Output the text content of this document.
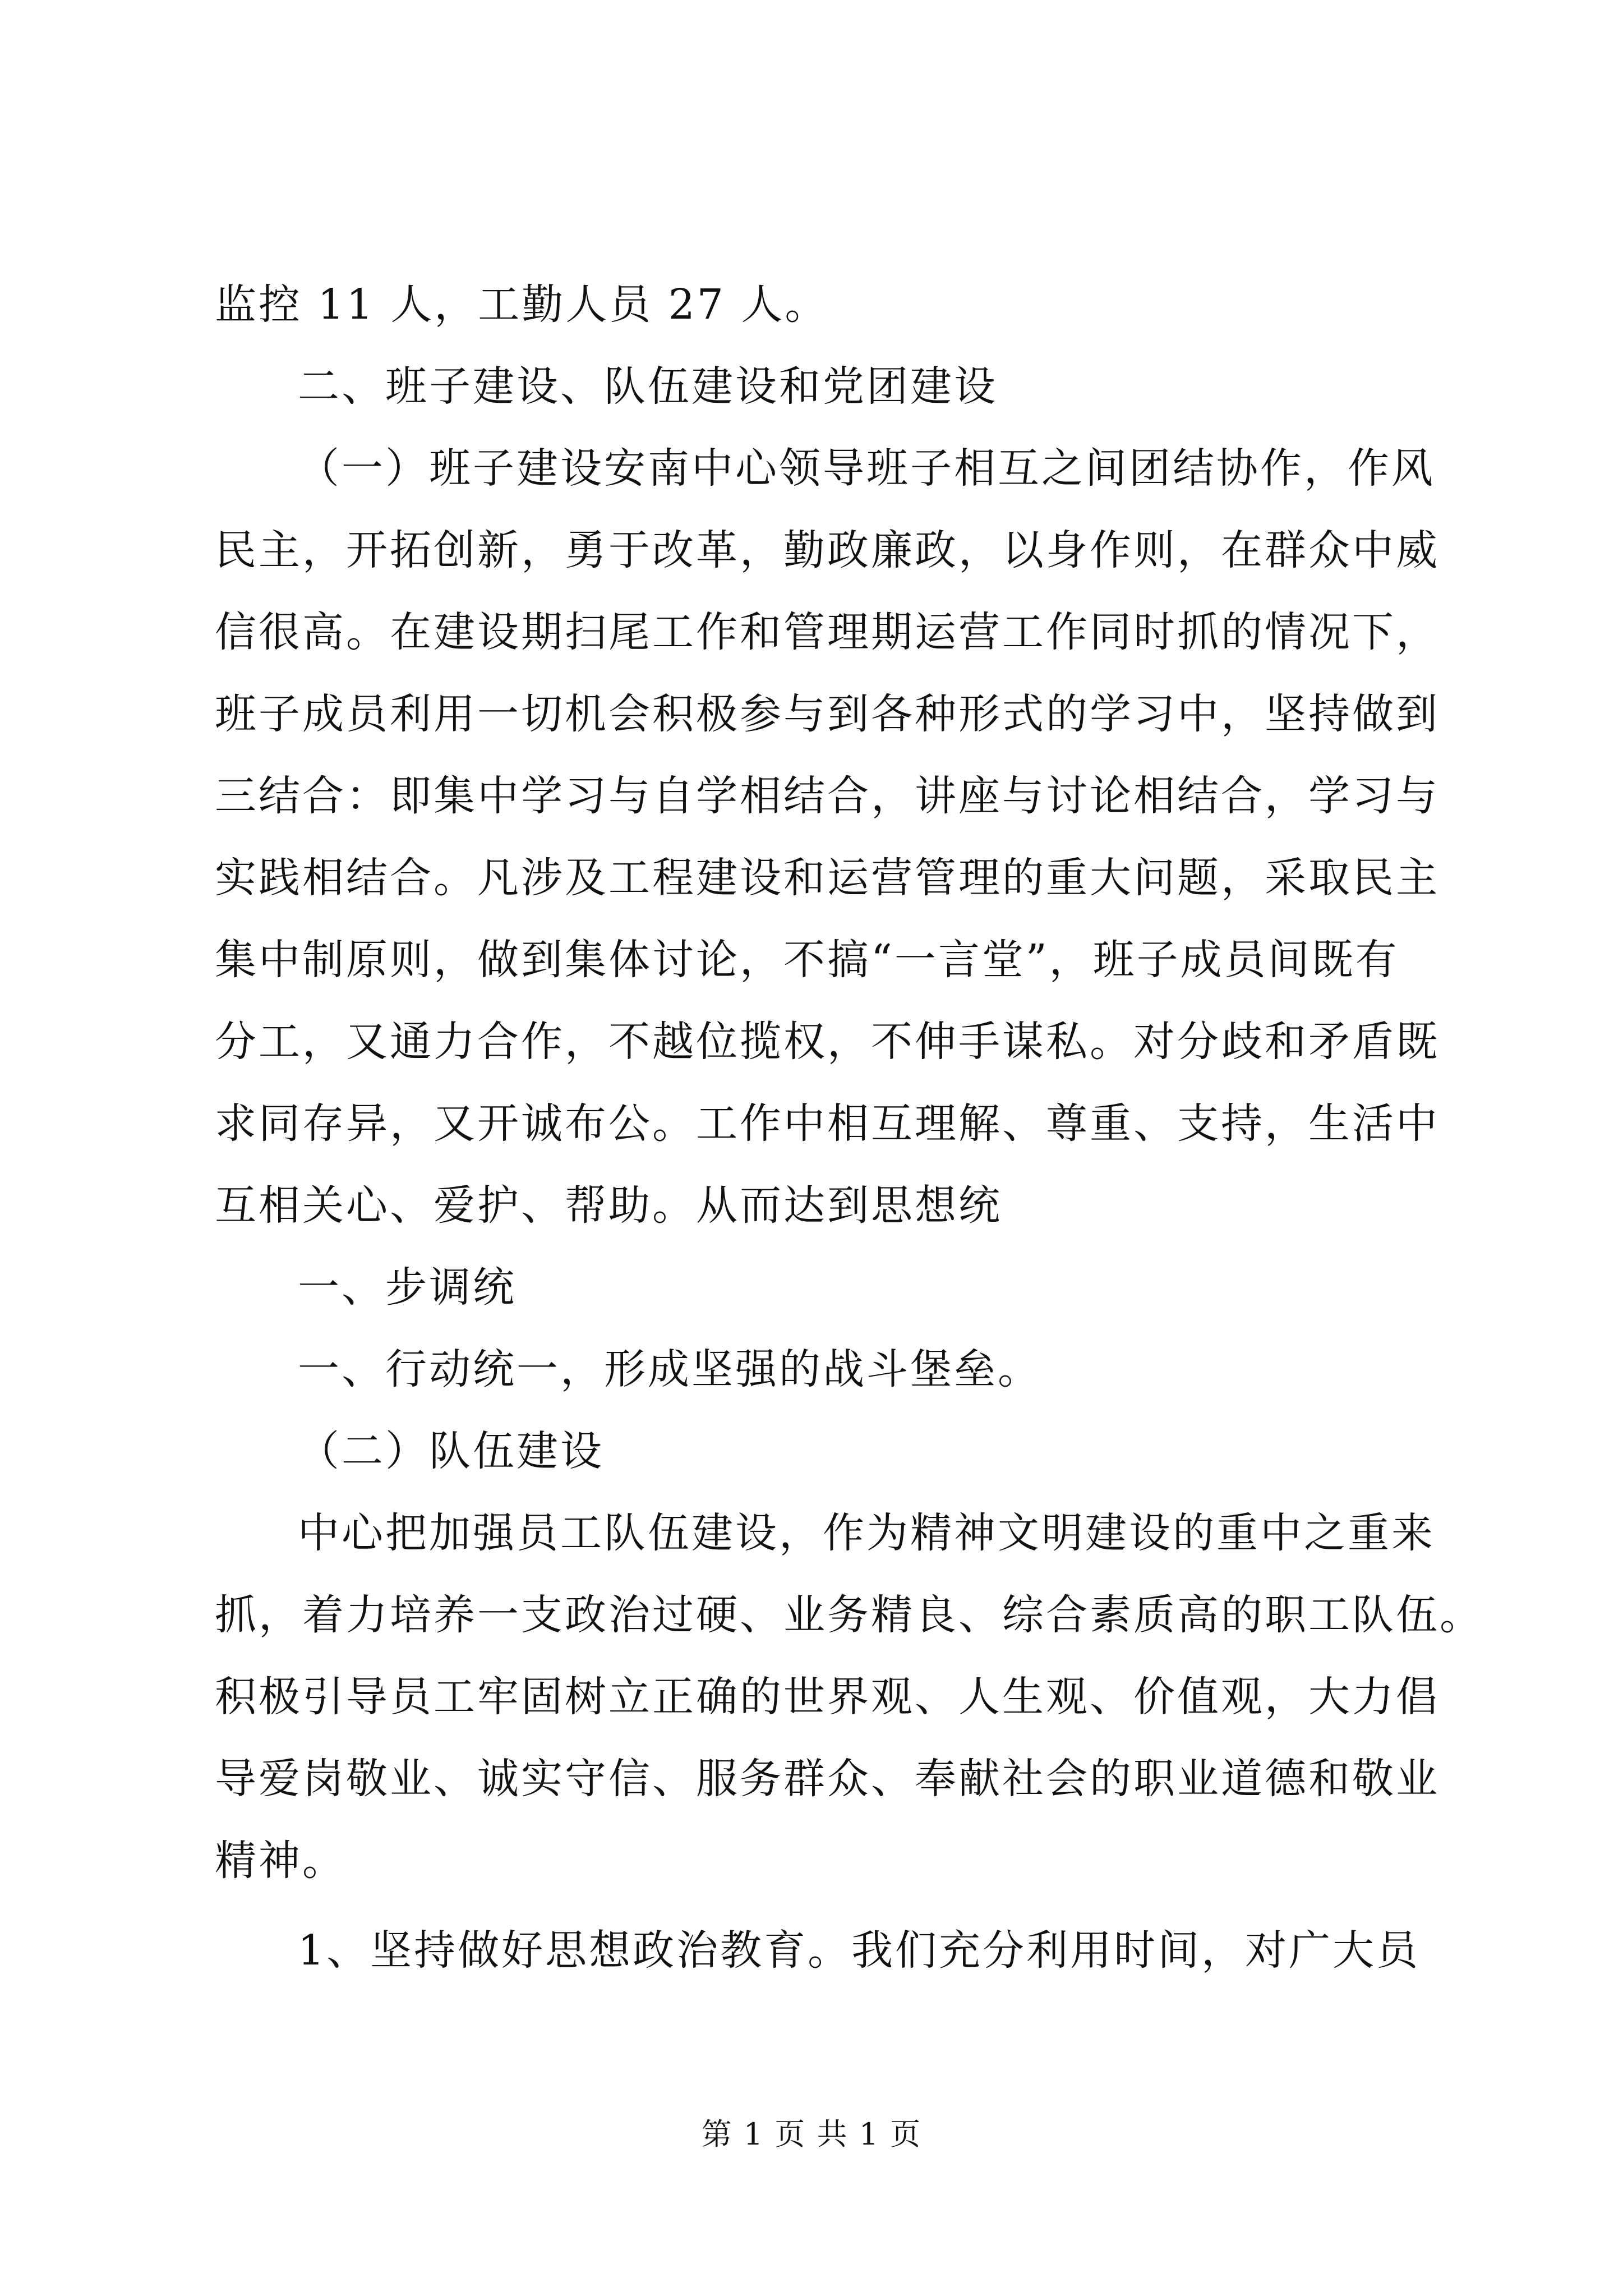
监控 11 人，工勤人员 27 人。
二、班子建设、队伍建设和党团建设
（一）班子建设安南中心领导班子相互之间团结协作，作风
民主，开拓创新，勇于改革，勤政廉政，以身作则，在群众中威
信很高。在建设期扫尾工作和管理期运营工作同时抓的情况下，
班子成员利用一切机会积极参与到各种形式的学习中，坚持做到
三结合：即集中学习与自学相结合，讲座与讨论相结合，学习与
实践相结合。凡涉及工程建设和运营管理的重大问题，采取民主
集中制原则，做到集体讨论，不搞“一言堂”，班子成员间既有
分工，又通力合作，不越位揽权，不伸手谋私。对分歧和矛盾既
求同存异，又开诚布公。工作中相互理解、尊重、支持，生活中
互相关心、爱护、帮助。从而达到思想统
一、步调统
一、行动统一，形成坚强的战斗堡垒。
（二）队伍建设
中心把加强员工队伍建设，作为精神文明建设的重中之重来
抓，着力培养一支政治过硬、业务精良、综合素质高的职工队伍。
积极引导员工牢固树立正确的世界观、人生观、价值观，大力倡
导爱岗敬业、诚实守信、服务群众、奉献社会的职业道德和敬业
精神。
1、坚持做好思想政治教育。我们充分利用时间，对广大员
第 1 页 共 1 页
